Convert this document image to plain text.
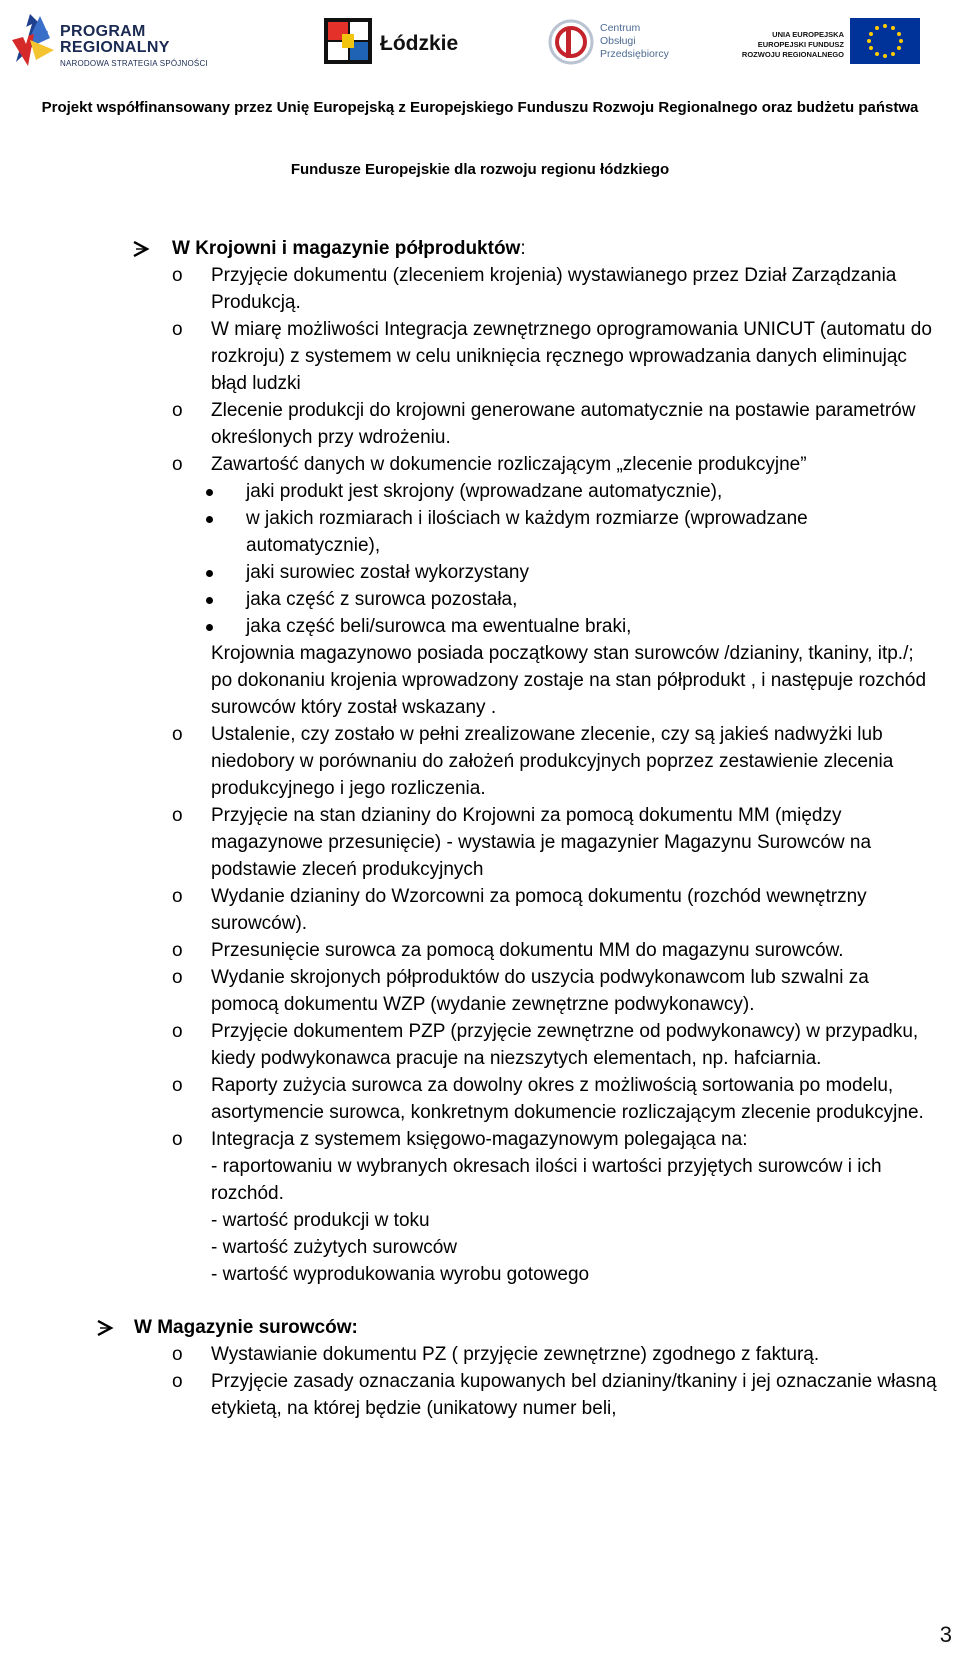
PROGRAM
REGIONALNY
NARODOWA STRATEGIA SPÓJNOŚCI
Łódzkie
Centrum
Obsługi
Przedsiębiorcy
UNIA EUROPEJSKA
EUROPEJSKI FUNDUSZ
ROZWOJU REGIONALNEGO
Projekt współfinansowany przez Unię Europejską z Europejskiego Funduszu Rozwoju Regionalnego oraz budżetu państwa
Fundusze Europejskie dla rozwoju regionu łódzkiego
W Krojowni i magazynie półproduktów:
o Przyjęcie dokumentu (zleceniem krojenia) wystawianego przez Dział Zarządzania Produkcją.
o W miarę możliwości Integracja zewnętrznego oprogramowania UNICUT (automatu do rozkroju) z systemem w celu uniknięcia ręcznego wprowadzania danych eliminując błąd ludzki
o Zlecenie produkcji do krojowni generowane automatycznie na postawie parametrów określonych przy wdrożeniu.
o Zawartość danych w dokumencie rozliczającym „zlecenie produkcyjne”
jaki produkt jest skrojony (wprowadzane automatycznie),
w jakich rozmiarach i ilościach w każdym rozmiarze (wprowadzane automatycznie),
jaki surowiec został wykorzystany
jaka część z surowca pozostała,
jaka część beli/surowca ma ewentualne braki,
Krojownia magazynowo posiada początkowy stan surowców /dzianiny, tkaniny, itp./; po dokonaniu krojenia wprowadzony zostaje na stan półprodukt , i następuje rozchód surowców który został wskazany .
o Ustalenie, czy zostało w pełni zrealizowane zlecenie, czy są jakieś nadwyżki lub niedobory w porównaniu do założeń produkcyjnych poprzez zestawienie zlecenia produkcyjnego i jego rozliczenia.
o Przyjęcie na stan dzianiny do Krojowni za pomocą dokumentu MM (między magazynowe przesunięcie) - wystawia je magazynier Magazynu Surowców na podstawie zleceń produkcyjnych
o Wydanie dzianiny do Wzorcowni za pomocą dokumentu (rozchód wewnętrzny surowców).
o Przesunięcie surowca za pomocą dokumentu MM do magazynu surowców.
o Wydanie skrojonych półproduktów do uszycia podwykonawcom lub szwalni za pomocą dokumentu WZP (wydanie zewnętrzne podwykonawcy).
o Przyjęcie dokumentem PZP (przyjęcie zewnętrzne od podwykonawcy) w przypadku, kiedy podwykonawca pracuje na niezszytych elementach, np. hafciarnia.
o Raporty zużycia surowca za dowolny okres z możliwością sortowania po modelu, asortymencie surowca, konkretnym dokumencie rozliczającym zlecenie produkcyjne.
o Integracja z systemem księgowo-magazynowym polegająca na:
- raportowaniu w wybranych okresach ilości i wartości przyjętych surowców i ich rozchód.
- wartość produkcji w toku
- wartość zużytych surowców
- wartość wyprodukowania wyrobu gotowego
W Magazynie surowców:
o Wystawianie dokumentu PZ ( przyjęcie zewnętrzne) zgodnego z fakturą.
o Przyjęcie zasady oznaczania kupowanych bel dzianiny/tkaniny i jej oznaczanie własną etykietą, na której będzie (unikatowy numer beli,
3
